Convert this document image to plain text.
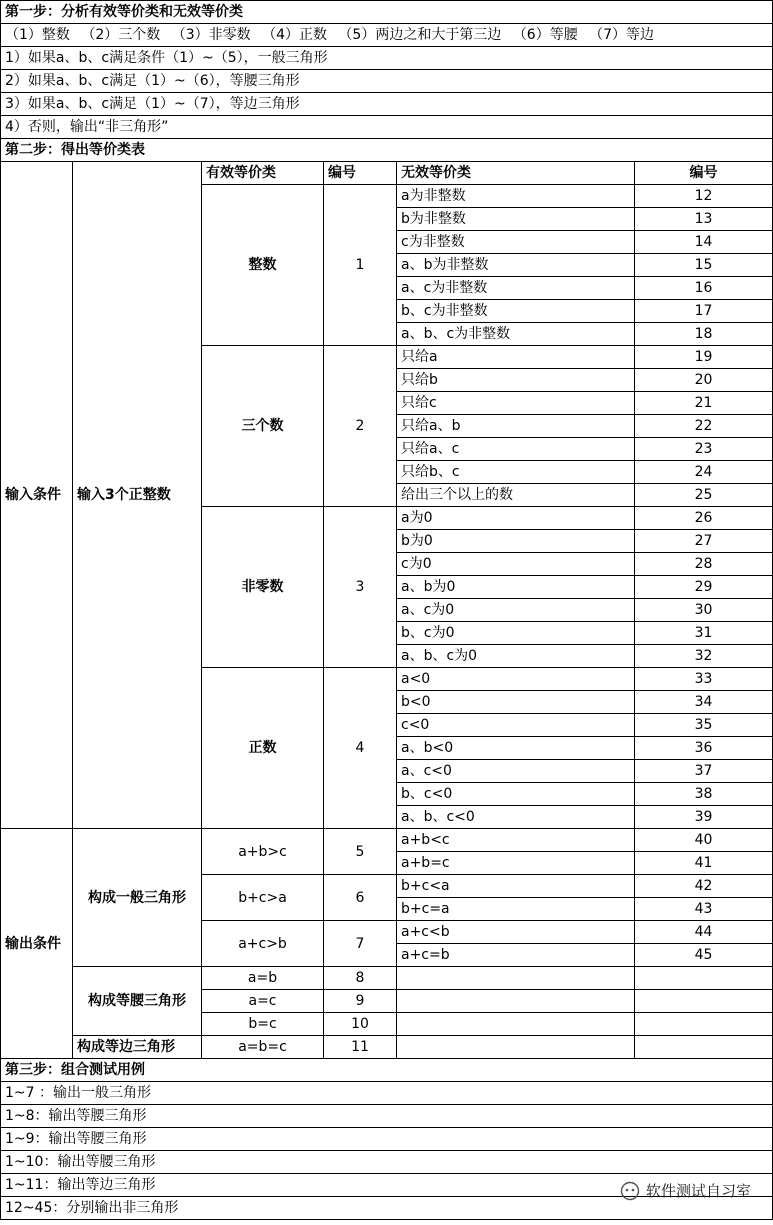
第一步：分析有效等价类和无效等价类					
（1）整数 　（2）三个数 　（3）非零数 　（4）正数 　（5）两边之和大于第三边 　（6）等腰 　（7）等边					
1）如果a、b、c满足条件（1）~（5），一般三角形					
2）如果a、b、c满足（1）~（6），等腰三角形					
3）如果a、b、c满足（1）~（7），等边三角形					
4）否则，输出“非三角形”					
第二步：得出等价类表					
输入条件	输入3个正整数	有效等价类	编号	无效等价类	编号
		整数	1	a为非整数	12
				b为非整数	13
				c为非整数	14
				a、b为非整数	15
				a、c为非整数	16
				b、c为非整数	17
				a、b、c为非整数	18
		三个数	2	只给a	19
				只给b	20
				只给c	21
				只给a、b	22
				只给a、c	23
				只给b、c	24
				给出三个以上的数	25
		非零数	3	a为0	26
				b为0	27
				c为0	28
				a、b为0	29
				a、c为0	30
				b、c为0	31
				a、b、c为0	32
		正数	4	a<0	33
				b<0	34
				c<0	35
				a、b<0	36
				a、c<0	37
				b、c<0	38
				a、b、c<0	39
输出条件	构成一般三角形	a+b>c	5	a+b<c	40
				a+b=c	41
		b+c>a	6	b+c<a	42
				b+c=a	43
		a+c>b	7	a+c<b	44
				a+c=b	45
	构成等腰三角形	a=b	8		
		a=c	9		
		b=c	10		
	构成等边三角形	a=b=c	11		
第三步：组合测试用例					
1~7 ：输出一般三角形					
1~8：输出等腰三角形					
1~9：输出等腰三角形					
1~10：输出等腰三角形					
1~11：输出等边三角形					
12~45：分别输出非三角形					
软件测试自习室
